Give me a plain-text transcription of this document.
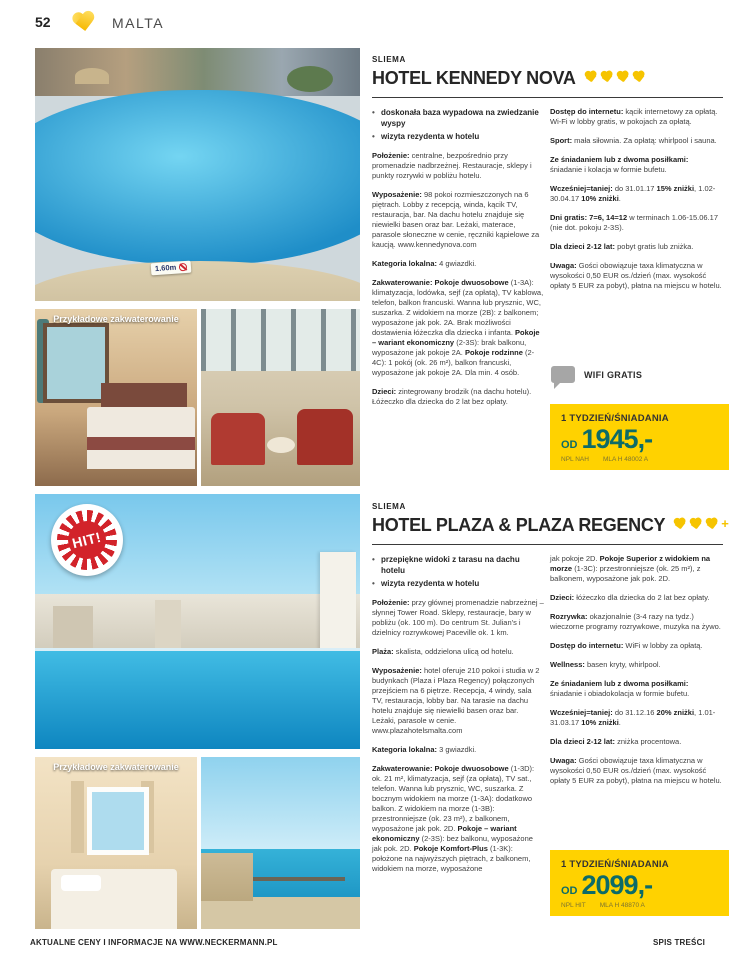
52	MALTA
1.60m
Przykładowe zakwaterowanie
SLIEMA
HOTEL KENNEDY NOVA
• doskonała baza wypadowa na zwiedzanie wyspy
• wizyta rezydenta w hotelu

Położenie: centralne, bezpośrednio przy promenadzie nadbrzeżnej. Restauracje, sklepy i punkty rozrywki w pobliżu hotelu.

Wyposażenie: 98 pokoi rozmieszczonych na 6 piętrach. Lobby z recepcją, winda, kącik TV, restauracja, bar. Na dachu hotelu znajduje się niewielki basen oraz bar. Leżaki, materace, parasole słoneczne w cenie, ręczniki kąpielowe za kaucją. www.kennedynova.com

Kategoria lokalna: 4 gwiazdki.

Zakwaterowanie: Pokoje dwuosobowe (1-3A): klimatyzacja, lodówka, sejf (za opłatą), TV kablowa, telefon, balkon francuski. Wanna lub prysznic, WC, suszarka. Z widokiem na morze (2B): z balkonem; wyposażone jak pok. 2A. Brak możliwości dostawienia łóżeczka dla dziecka i infanta. Pokoje – wariant ekonomiczny (2-3S): brak balkonu, wyposażone jak pokoje 2A. Pokoje rodzinne (2-4C): 1 pokój (ok. 26 m²), balkon francuski, wyposażone jak pokoje 2A. Dla min. 4 osób.

Dzieci: zintegrowany brodzik (na dachu hotelu). Łóżeczko dla dziecka do 2 lat bez opłaty.

Dostęp do internetu: kącik internetowy za opłatą. Wi-Fi w lobby gratis, w pokojach za opłatą.

Sport: mała siłownia. Za opłatą: whirlpool i sauna.

Ze śniadaniem lub z dwoma posiłkami: śniadanie i kolacja w formie bufetu.

Wcześniej=taniej: do 31.01.17 15% zniżki, 1.02-30.04.17 10% zniżki.

Dni gratis: 7=6, 14=12 w terminach 1.06-15.06.17 (nie dot. pokoju 2-3S).

Dla dzieci 2-12 lat: pobyt gratis lub zniżka.

Uwaga: Gości obowiązuje taxa klimatyczna w wysokości 0,50 EUR os./dzień (max. wysokość opłaty 5 EUR za pobyt), płatna na miejscu w hotelu.

WIFI GRATIS
1 TYDZIEŃ/ŚNIADANIA
OD 1945,-
NPL NAH MLA H 48002 A
HIT!
Przykładowe zakwaterowanie
SLIEMA
HOTEL PLAZA & PLAZA REGENCY	+
• przepiękne widoki z tarasu na dachu hotelu
• wizyta rezydenta w hotelu

Położenie: przy głównej promenadzie nabrzeżnej – słynnej Tower Road. Sklepy, restauracje, bary w pobliżu (ok. 100 m). Do centrum St. Julian's i dzielnicy rozrywkowej Paceville ok. 1 km.

Plaża: skalista, oddzielona ulicą od hotelu.

Wyposażenie: hotel oferuje 210 pokoi i studia w 2 budynkach (Plaza i Plaza Regency) połączonych przejściem na 6 piętrze. Recepcja, 4 windy, sala TV, restauracja, lobby bar. Na tarasie na dachu hotelu znajduje się niewielki basen oraz bar. Leżaki, parasole w cenie. www.plazahotelsmalta.com

Kategoria lokalna: 3 gwiazdki.

Zakwaterowanie: Pokoje dwuosobowe (1-3D): ok. 21 m², klimatyzacja, sejf (za opłatą), TV sat., telefon. Wanna lub prysznic, WC, suszarka. Z bocznym widokiem na morze (1-3A): dodatkowo balkon. Z widokiem na morze (1-3B): przestronniejsze (ok. 23 m²), z balkonem, wyposażone jak pok. 2D. Pokoje – wariant ekonomiczny (2-3S): bez balkonu, wyposażone jak pok. 2D. Pokoje Komfort-Plus (1-3K): położone na najwyższych piętrach, z balkonem, widokiem na morze, wyposażone

jak pokoje 2D. Pokoje Superior z widokiem na morze (1-3C): przestronniejsze (ok. 25 m²), z balkonem, wyposażone jak pok. 2D.

Dzieci: łóżeczko dla dziecka do 2 lat bez opłaty.

Rozrywka: okazjonalnie (3-4 razy na tydz.) wieczorne programy rozrywkowe, muzyka na żywo.

Dostęp do internetu: WiFi w lobby za opłatą.

Wellness: basen kryty, whirlpool.

Ze śniadaniem lub z dwoma posiłkami: śniadanie i obiadokolacja w formie bufetu.

Wcześniej=taniej: do 31.12.16 20% zniżki, 1.01-31.03.17 10% zniżki.

Dla dzieci 2-12 lat: zniżka procentowa.

Uwaga: Gości obowiązuje taxa klimatyczna w wysokości 0,50 EUR os./dzień (max. wysokość opłaty 5 EUR za pobyt), płatna na miejscu w hotelu.

1 TYDZIEŃ/ŚNIADANIA
OD 2099,-
NPL HIT MLA H 48870 A
AKTUALNE CENY I INFORMACJE NA WWW.NECKERMANN.PL	SPIS TREŚCI
